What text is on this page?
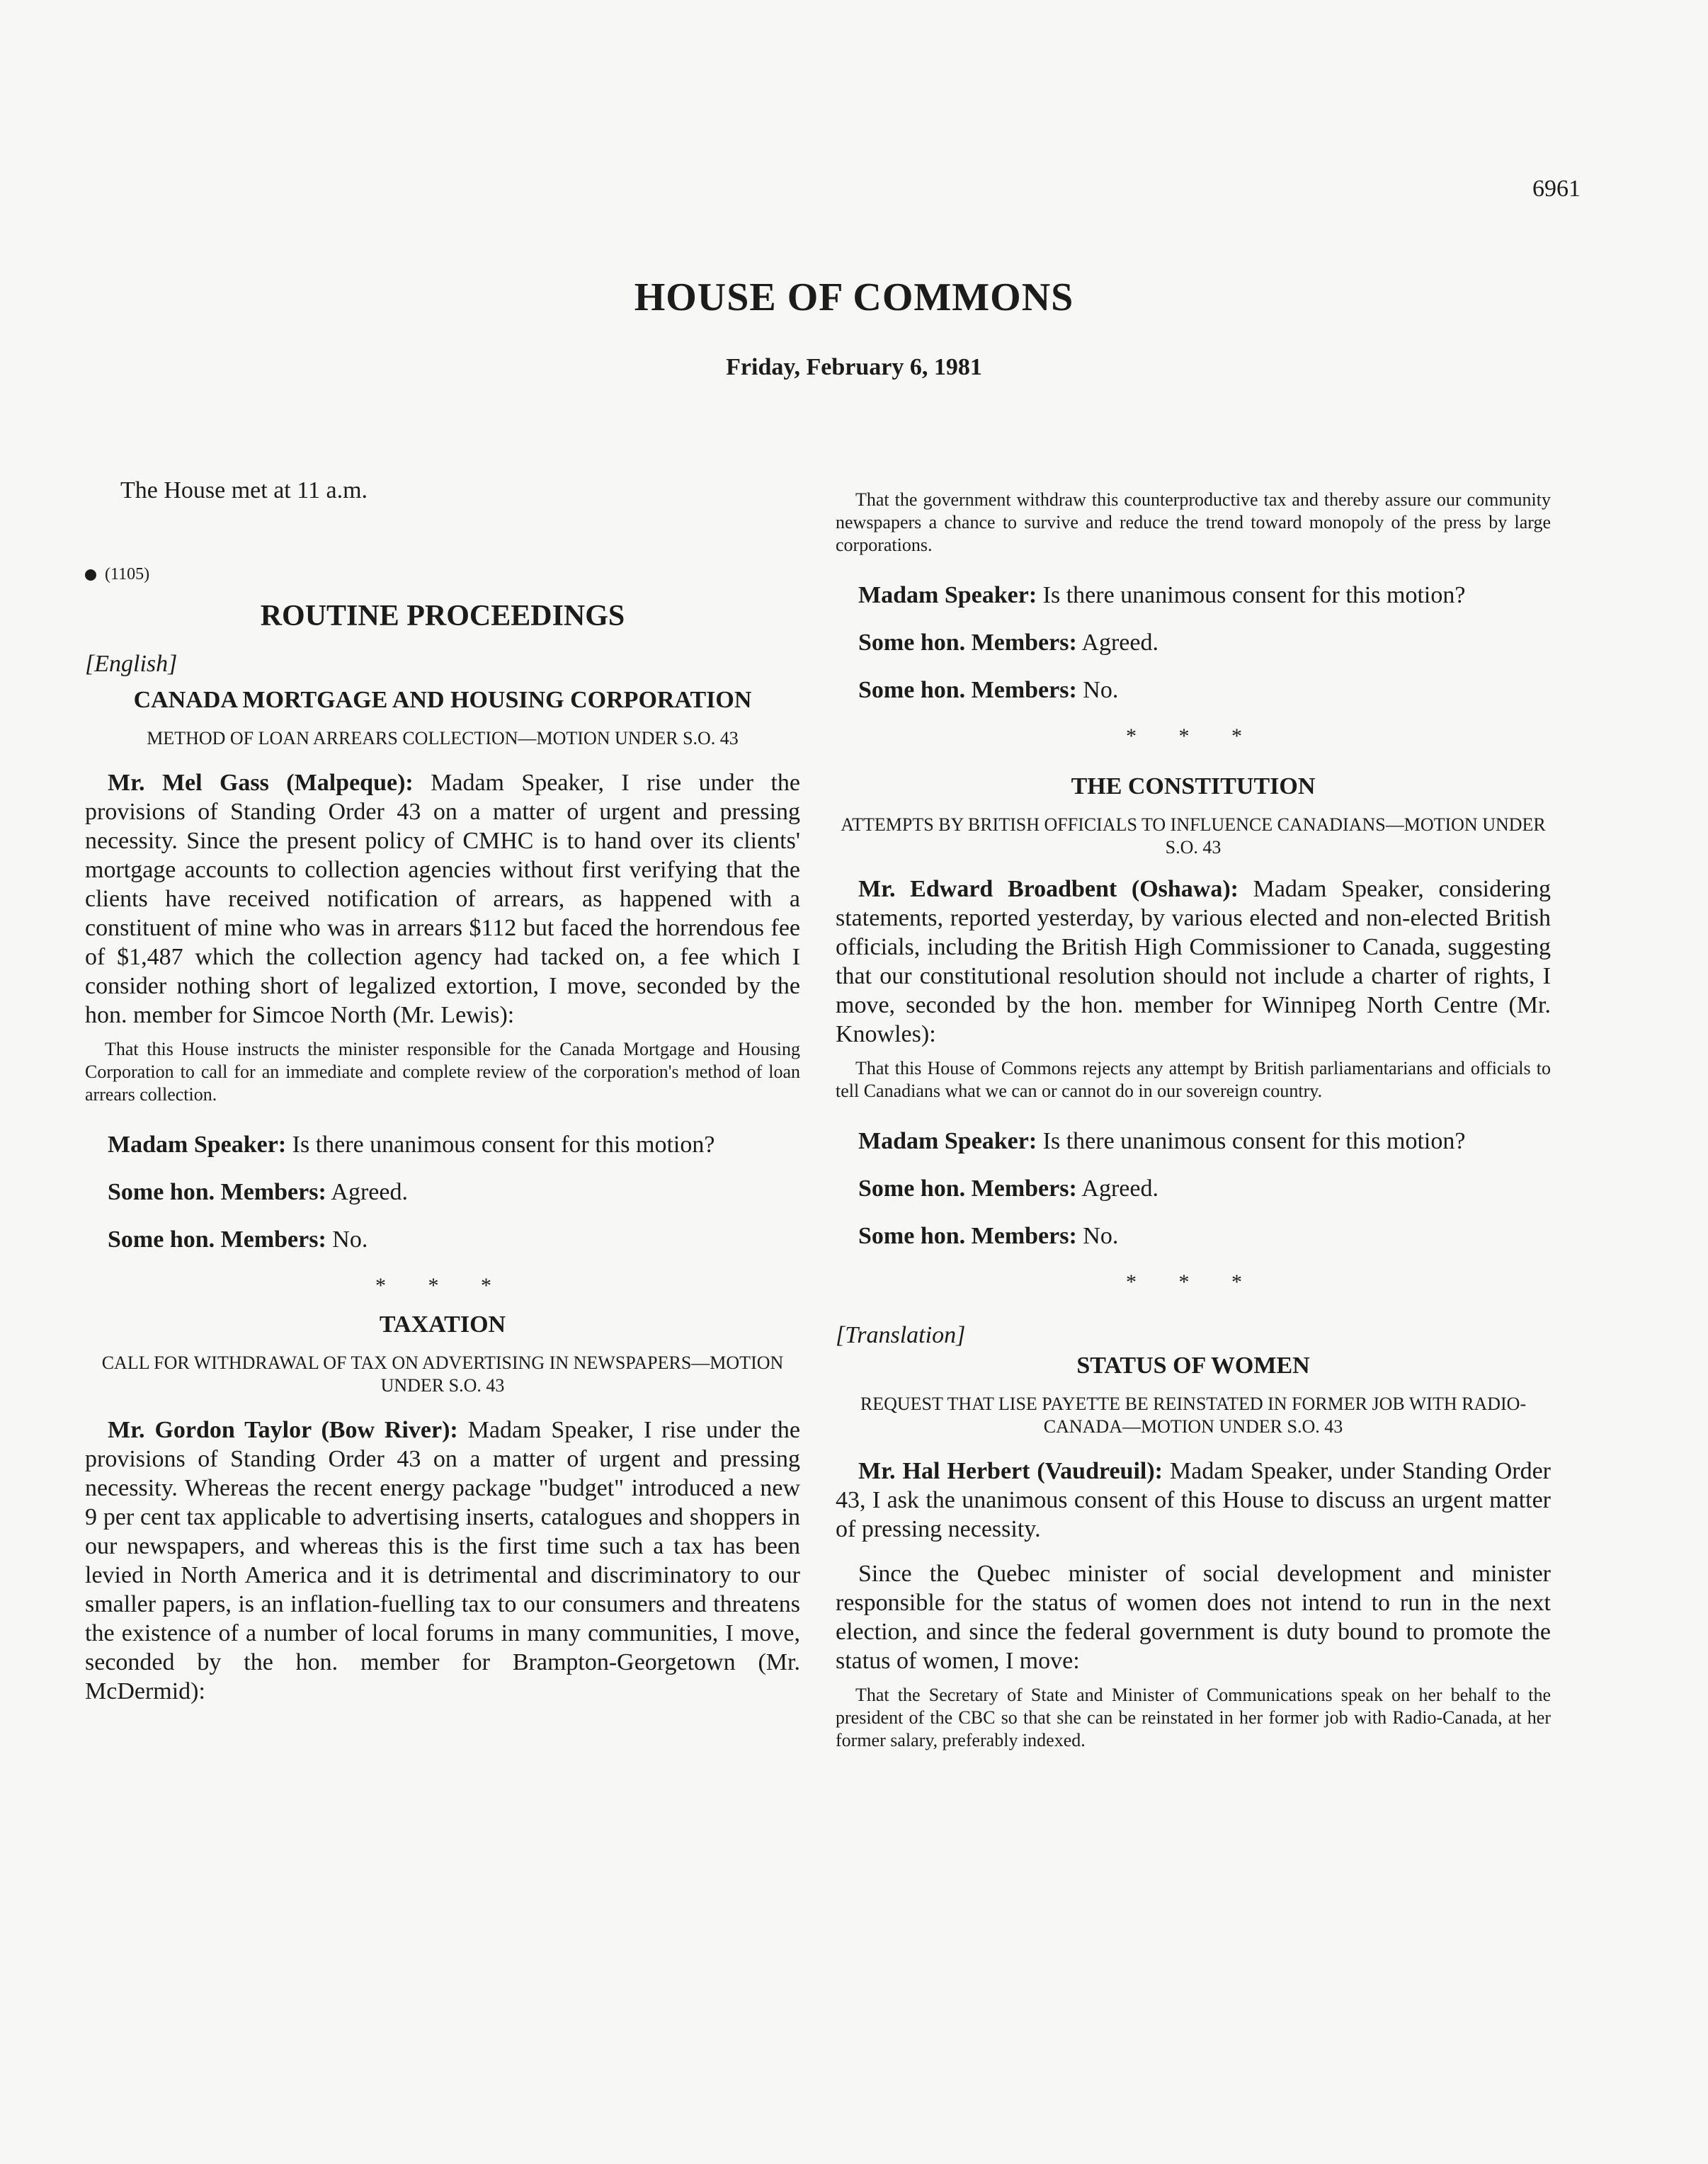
6961
HOUSE OF COMMONS
Friday, February 6, 1981

The House met at 11 a.m.

(1105)
ROUTINE PROCEEDINGS
[English]
CANADA MORTGAGE AND HOUSING CORPORATION
METHOD OF LOAN ARREARS COLLECTION—MOTION UNDER S.O. 43

Mr. Mel Gass (Malpeque): Madam Speaker, I rise under the provisions of Standing Order 43 on a matter of urgent and pressing necessity. Since the present policy of CMHC is to hand over its clients' mortgage accounts to collection agencies without first verifying that the clients have received notification of arrears, as happened with a constituent of mine who was in arrears $112 but faced the horrendous fee of $1,487 which the collection agency had tacked on, a fee which I consider nothing short of legalized extortion, I move, seconded by the hon. member for Simcoe North (Mr. Lewis):

That this House instructs the minister responsible for the Canada Mortgage and Housing Corporation to call for an immediate and complete review of the corporation's method of loan arrears collection.

Madam Speaker: Is there unanimous consent for this motion?

Some hon. Members: Agreed.

Some hon. Members: No.

* * *
TAXATION
CALL FOR WITHDRAWAL OF TAX ON ADVERTISING IN NEWSPAPERS—MOTION UNDER S.O. 43

Mr. Gordon Taylor (Bow River): Madam Speaker, I rise under the provisions of Standing Order 43 on a matter of urgent and pressing necessity. Whereas the recent energy package "budget" introduced a new 9 per cent tax applicable to advertising inserts, catalogues and shoppers in our newspapers, and whereas this is the first time such a tax has been levied in North America and it is detrimental and discriminatory to our smaller papers, is an inflation-fuelling tax to our consumers and threatens the existence of a number of local forums in many communities, I move, seconded by the hon. member for Brampton-Georgetown (Mr. McDermid):

That the government withdraw this counterproductive tax and thereby assure our community newspapers a chance to survive and reduce the trend toward monopoly of the press by large corporations.

Madam Speaker: Is there unanimous consent for this motion?

Some hon. Members: Agreed.

Some hon. Members: No.

* * *
THE CONSTITUTION
ATTEMPTS BY BRITISH OFFICIALS TO INFLUENCE CANADIANS—MOTION UNDER S.O. 43

Mr. Edward Broadbent (Oshawa): Madam Speaker, considering statements, reported yesterday, by various elected and non-elected British officials, including the British High Commissioner to Canada, suggesting that our constitutional resolution should not include a charter of rights, I move, seconded by the hon. member for Winnipeg North Centre (Mr. Knowles):

That this House of Commons rejects any attempt by British parliamentarians and officials to tell Canadians what we can or cannot do in our sovereign country.

Madam Speaker: Is there unanimous consent for this motion?

Some hon. Members: Agreed.

Some hon. Members: No.

* * *
[Translation]
STATUS OF WOMEN
REQUEST THAT LISE PAYETTE BE REINSTATED IN FORMER JOB WITH RADIO-CANADA—MOTION UNDER S.O. 43

Mr. Hal Herbert (Vaudreuil): Madam Speaker, under Standing Order 43, I ask the unanimous consent of this House to discuss an urgent matter of pressing necessity.

Since the Quebec minister of social development and minister responsible for the status of women does not intend to run in the next election, and since the federal government is duty bound to promote the status of women, I move:

That the Secretary of State and Minister of Communications speak on her behalf to the president of the CBC so that she can be reinstated in her former job with Radio-Canada, at her former salary, preferably indexed.
